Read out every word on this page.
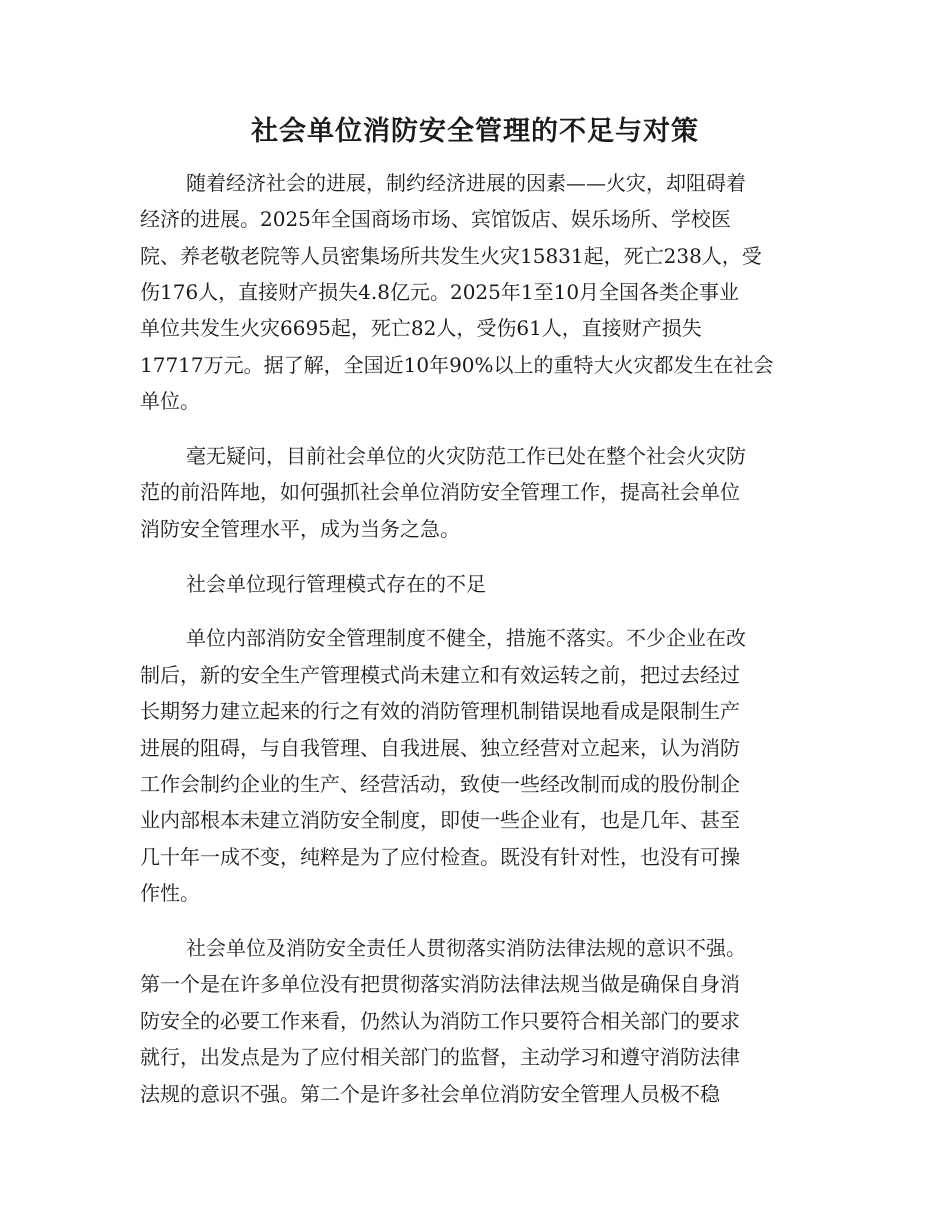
社会单位消防安全管理的不足与对策

随着经济社会的进展，制约经济进展的因素——火灾，却阻碍着

经济的进展。2025年全国商场市场、宾馆饭店、娱乐场所、学校医

院、养老敬老院等人员密集场所共发生火灾15831起，死亡238人，受

伤176人，直接财产损失4.8亿元。2025年1至10月全国各类企事业

单位共发生火灾6695起，死亡82人，受伤61人，直接财产损失

17717万元。据了解，全国近10年90%以上的重特大火灾都发生在社会

单位。

毫无疑问，目前社会单位的火灾防范工作已处在整个社会火灾防

范的前沿阵地，如何强抓社会单位消防安全管理工作，提高社会单位

消防安全管理水平，成为当务之急。

社会单位现行管理模式存在的不足

单位内部消防安全管理制度不健全，措施不落实。不少企业在改

制后，新的安全生产管理模式尚未建立和有效运转之前，把过去经过

长期努力建立起来的行之有效的消防管理机制错误地看成是限制生产

进展的阻碍，与自我管理、自我进展、独立经营对立起来，认为消防

工作会制约企业的生产、经营活动，致使一些经改制而成的股份制企

业内部根本未建立消防安全制度，即使一些企业有，也是几年、甚至

几十年一成不变，纯粹是为了应付检查。既没有针对性，也没有可操

作性。

社会单位及消防安全责任人贯彻落实消防法律法规的意识不强。

第一个是在许多单位没有把贯彻落实消防法律法规当做是确保自身消

防安全的必要工作来看，仍然认为消防工作只要符合相关部门的要求

就行，出发点是为了应付相关部门的监督，主动学习和遵守消防法律

法规的意识不强。第二个是许多社会单位消防安全管理人员极不稳
